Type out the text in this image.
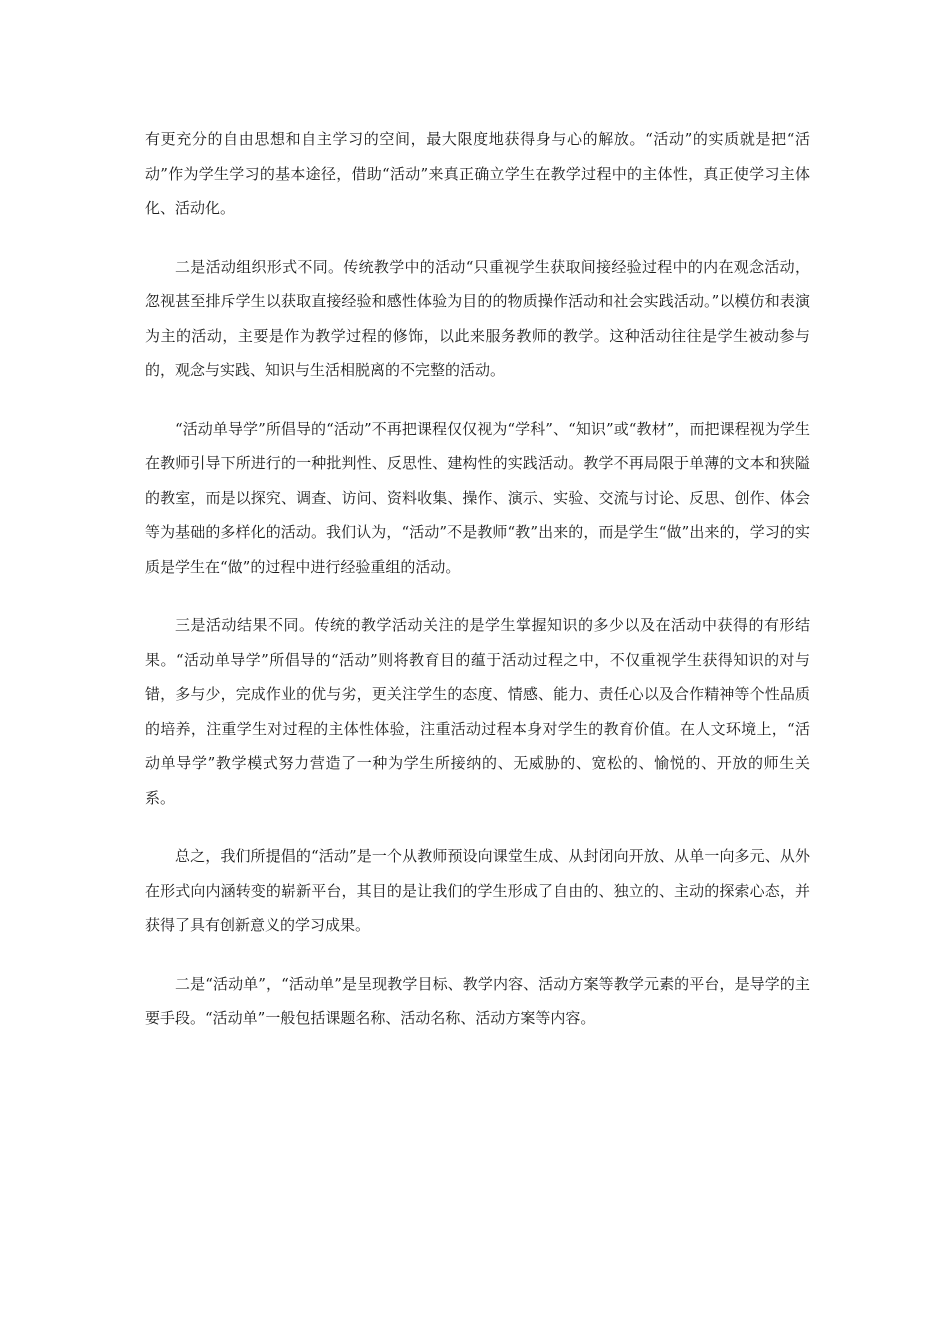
有更充分的自由思想和自主学习的空间，最大限度地获得身与心的解放。“活动”的实质就是把“活动”作为学生学习的基本途径，借助“活动”来真正确立学生在教学过程中的主体性，真正使学习主体化、活动化。

二是活动组织形式不同。传统教学中的活动“只重视学生获取间接经验过程中的内在观念活动，忽视甚至排斥学生以获取直接经验和感性体验为目的的物质操作活动和社会实践活动。”以模仿和表演为主的活动，主要是作为教学过程的修饰，以此来服务教师的教学。这种活动往往是学生被动参与的，观念与实践、知识与生活相脱离的不完整的活动。

“活动单导学”所倡导的“活动”不再把课程仅仅视为“学科”、“知识”或“教材”，而把课程视为学生在教师引导下所进行的一种批判性、反思性、建构性的实践活动。教学不再局限于单薄的文本和狭隘的教室，而是以探究、调查、访问、资料收集、操作、演示、实验、交流与讨论、反思、创作、体会等为基础的多样化的活动。我们认为，“活动”不是教师“教”出来的，而是学生“做”出来的，学习的实质是学生在“做”的过程中进行经验重组的活动。

三是活动结果不同。传统的教学活动关注的是学生掌握知识的多少以及在活动中获得的有形结果。“活动单导学”所倡导的“活动”则将教育目的蕴于活动过程之中，不仅重视学生获得知识的对与错，多与少，完成作业的优与劣，更关注学生的态度、情感、能力、责任心以及合作精神等个性品质的培养，注重学生对过程的主体性体验，注重活动过程本身对学生的教育价值。在人文环境上，“活动单导学”教学模式努力营造了一种为学生所接纳的、无威胁的、宽松的、愉悦的、开放的师生关系。

总之，我们所提倡的“活动”是一个从教师预设向课堂生成、从封闭向开放、从单一向多元、从外在形式向内涵转变的崭新平台，其目的是让我们的学生形成了自由的、独立的、主动的探索心态，并获得了具有创新意义的学习成果。

二是“活动单”，“活动单”是呈现教学目标、教学内容、活动方案等教学元素的平台，是导学的主要手段。“活动单”一般包括课题名称、活动名称、活动方案等内容。
